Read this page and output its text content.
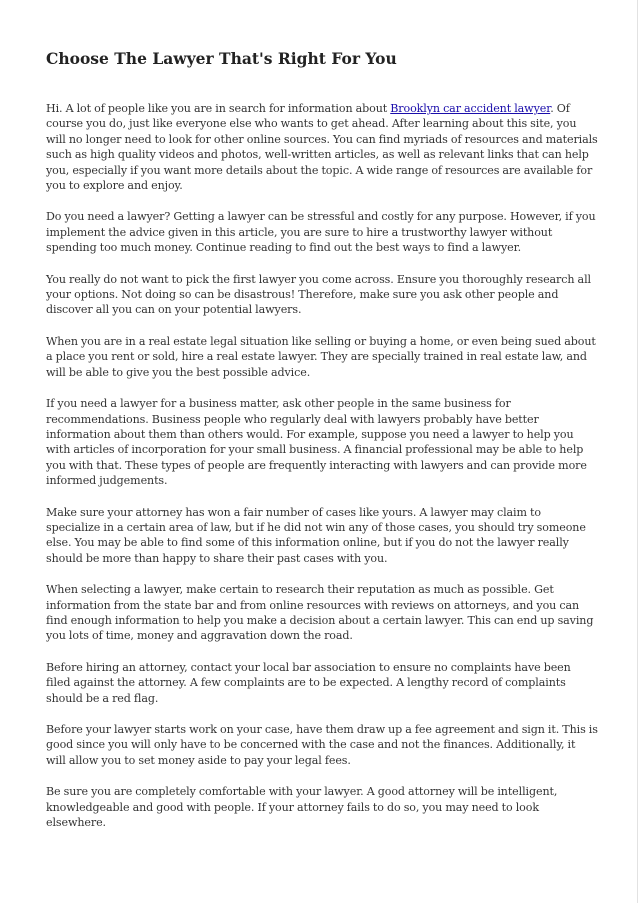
Choose The Lawyer That's Right For You

Hi. A lot of people like you are in search for information about Brooklyn car accident lawyer. Of course you do, just like everyone else who wants to get ahead. After learning about this site, you will no longer need to look for other online sources. You can find myriads of resources and materials such as high quality videos and photos, well-written articles, as well as relevant links that can help you, especially if you want more details about the topic. A wide range of resources are available for you to explore and enjoy.

Do you need a lawyer? Getting a lawyer can be stressful and costly for any purpose. However, if you implement the advice given in this article, you are sure to hire a trustworthy lawyer without spending too much money. Continue reading to find out the best ways to find a lawyer.

You really do not want to pick the first lawyer you come across. Ensure you thoroughly research all your options. Not doing so can be disastrous! Therefore, make sure you ask other people and discover all you can on your potential lawyers.

When you are in a real estate legal situation like selling or buying a home, or even being sued about a place you rent or sold, hire a real estate lawyer. They are specially trained in real estate law, and will be able to give you the best possible advice.

If you need a lawyer for a business matter, ask other people in the same business for recommendations. Business people who regularly deal with lawyers probably have better information about them than others would. For example, suppose you need a lawyer to help you with articles of incorporation for your small business. A financial professional may be able to help you with that. These types of people are frequently interacting with lawyers and can provide more informed judgements.

Make sure your attorney has won a fair number of cases like yours. A lawyer may claim to specialize in a certain area of law, but if he did not win any of those cases, you should try someone else. You may be able to find some of this information online, but if you do not the lawyer really should be more than happy to share their past cases with you.

When selecting a lawyer, make certain to research their reputation as much as possible. Get information from the state bar and from online resources with reviews on attorneys, and you can find enough information to help you make a decision about a certain lawyer. This can end up saving you lots of time, money and aggravation down the road.

Before hiring an attorney, contact your local bar association to ensure no complaints have been filed against the attorney. A few complaints are to be expected. A lengthy record of complaints should be a red flag.

Before your lawyer starts work on your case, have them draw up a fee agreement and sign it. This is good since you will only have to be concerned with the case and not the finances. Additionally, it will allow you to set money aside to pay your legal fees.

Be sure you are completely comfortable with your lawyer. A good attorney will be intelligent, knowledgeable and good with people. If your attorney fails to do so, you may need to look elsewhere.
